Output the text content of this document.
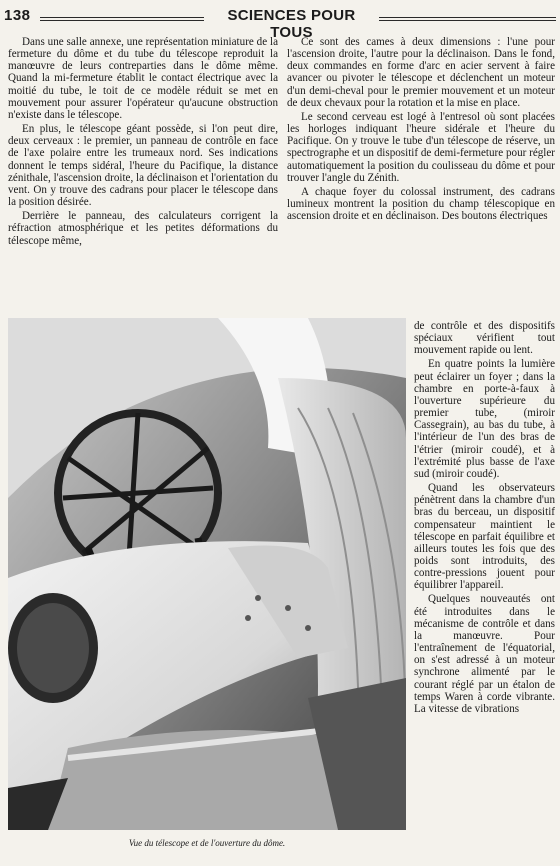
138	SCIENCES POUR TOUS

Dans une salle annexe, une représentation miniature de la fermeture du dôme et du tube du télescope reproduit la manœuvre de leurs contreparties dans le dôme même. Quand la mi-fermeture établit le contact électrique avec la moitié du tube, le toit de ce modèle réduit se met en mouvement pour assurer l'opérateur qu'aucune obstruction n'existe dans le télescope.

En plus, le télescope géant possède, si l'on peut dire, deux cerveaux : le premier, un panneau de contrôle en face de l'axe polaire entre les trumeaux nord. Ses indications donnent le temps sidéral, l'heure du Pacifique, la distance zénithale, l'ascension droite, la déclinaison et l'orientation du vent. On y trouve des cadrans pour placer le télescope dans la position désirée.

Derrière le panneau, des calculateurs corrigent la réfraction atmosphérique et les petites déformations du télescope même,

Ce sont des cames à deux dimensions : l'une pour l'ascension droite, l'autre pour la déclinaison. Dans le fond, deux commandes en forme d'arc en acier servent à faire avancer ou pivoter le télescope et déclenchent un moteur d'un demi-cheval pour le premier mouvement et un moteur de deux chevaux pour la rotation et la mise en place.

Le second cerveau est logé à l'entresol où sont placées les horloges indiquant l'heure sidérale et l'heure du Pacifique. On y trouve le tube d'un télescope de réserve, un spectrographe et un dispositif de demi-fermeture pour régler automatiquement la position du coulisseau du dôme et pour trouver l'angle du Zénith.

A chaque foyer du colossal instrument, des cadrans lumineux montrent la position du champ télescopique en ascension droite et en déclinaison. Des boutons électriques

de contrôle et des dispositifs spéciaux vérifient tout mouvement rapide ou lent.

En quatre points la lumière peut éclairer un foyer ; dans la chambre en porte-à-faux à l'ouverture supérieure du premier tube, (miroir Cassegrain), au bas du tube, à l'intérieur de l'un des bras de l'étrier (miroir coudé), et à l'extrémité plus basse de l'axe sud (miroir coudé).

Quand les observateurs pénètrent dans la chambre d'un bras du berceau, un dispositif compensateur maintient le télescope en parfait équilibre et ailleurs toutes les fois que des poids sont introduits, des contre-pressions jouent pour équilibrer l'appareil.

Quelques nouveautés ont été introduites dans le mécanisme de contrôle et dans la manœuvre. Pour l'entraînement de l'équatorial, on s'est adressé à un moteur synchrone alimenté par le courant réglé par un étalon de temps Waren à corde vibrante. La vitesse de vibrations

Vue du télescope et de l'ouverture du dôme.
